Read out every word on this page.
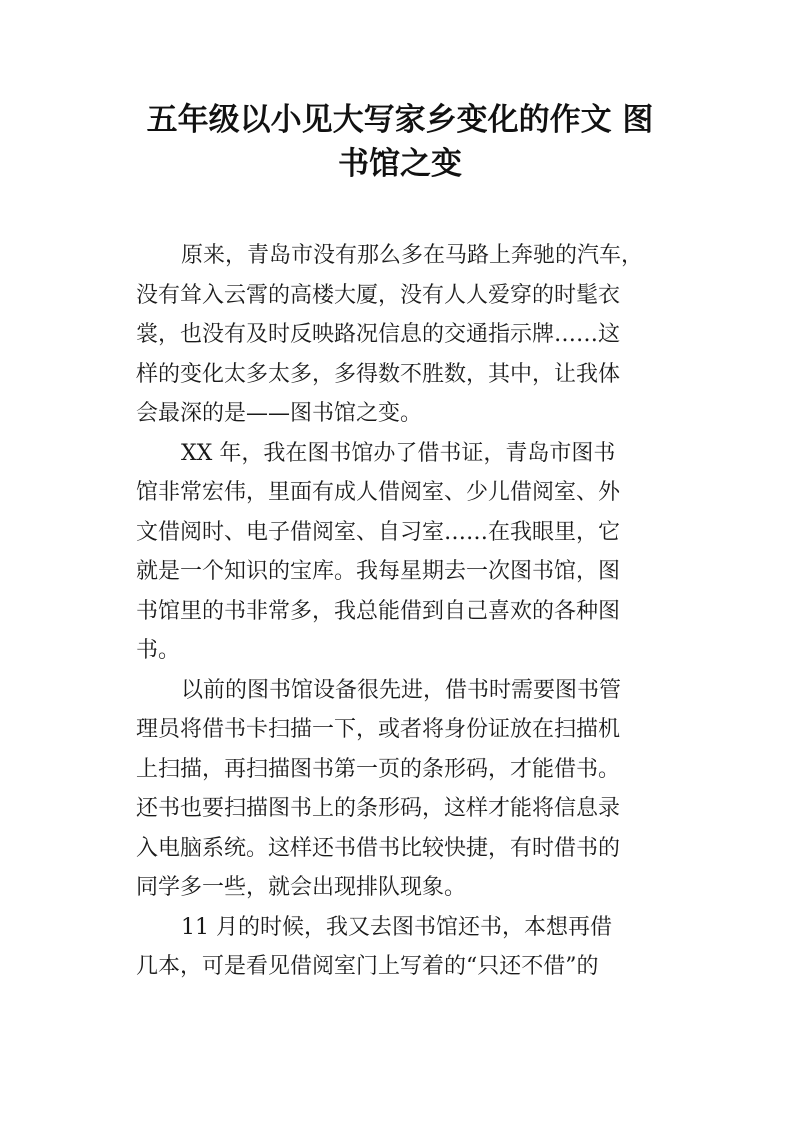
五年级以小见大写家乡变化的作文 图
书馆之变
原来，青岛市没有那么多在马路上奔驰的汽车，
没有耸入云霄的高楼大厦，没有人人爱穿的时髦衣
裳，也没有及时反映路况信息的交通指示牌……这
样的变化太多太多，多得数不胜数，其中，让我体
会最深的是——图书馆之变。
XX 年，我在图书馆办了借书证，青岛市图书
馆非常宏伟，里面有成人借阅室、少儿借阅室、外
文借阅时、电子借阅室、自习室……在我眼里，它
就是一个知识的宝库。我每星期去一次图书馆，图
书馆里的书非常多，我总能借到自己喜欢的各种图
书。
以前的图书馆设备很先进，借书时需要图书管
理员将借书卡扫描一下，或者将身份证放在扫描机
上扫描，再扫描图书第一页的条形码，才能借书。
还书也要扫描图书上的条形码，这样才能将信息录
入电脑系统。这样还书借书比较快捷，有时借书的
同学多一些，就会出现排队现象。
11 月的时候，我又去图书馆还书，本想再借
几本，可是看见借阅室门上写着的“只还不借”的
